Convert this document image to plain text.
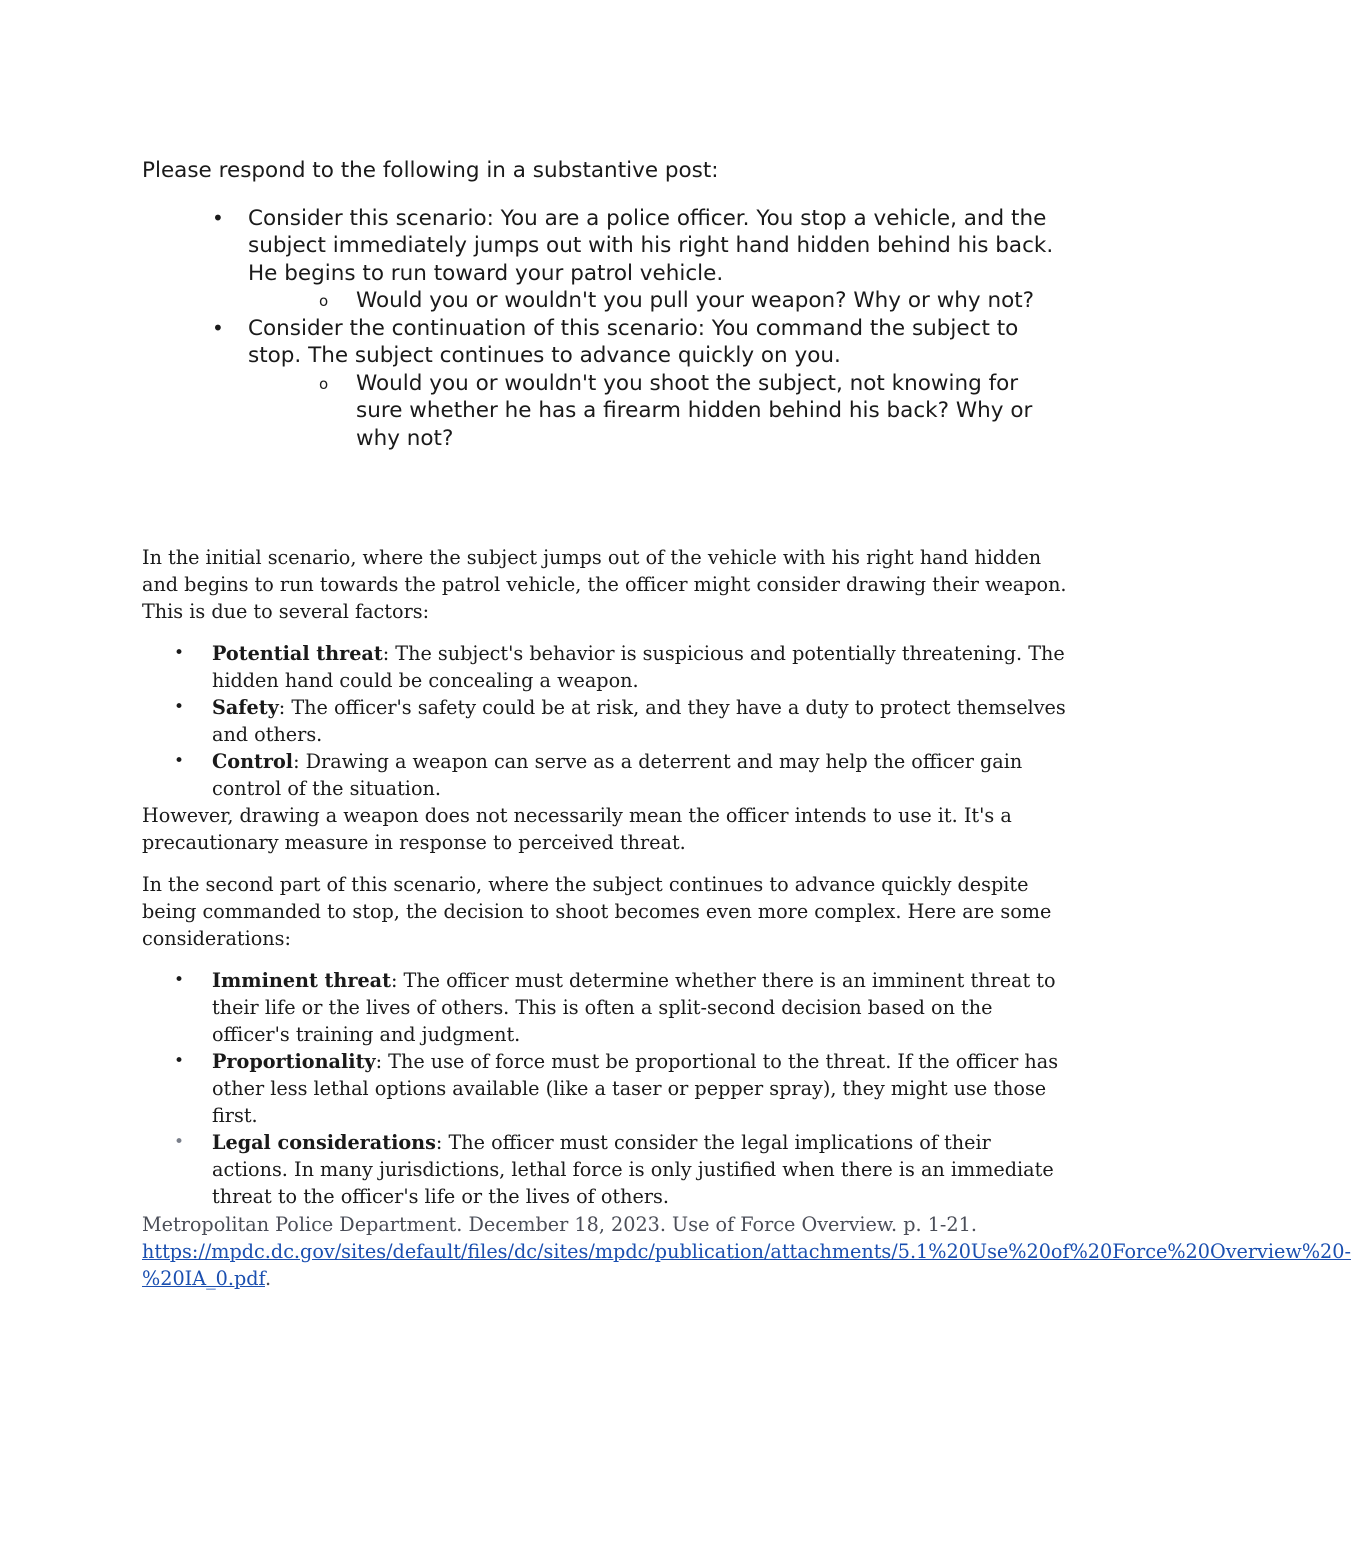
Please respond to the following in a substantive post:

• Consider this scenario: You are a police officer. You stop a vehicle, and the subject immediately jumps out with his right hand hidden behind his back. He begins to run toward your patrol vehicle.
o Would you or wouldn't you pull your weapon? Why or why not?
• Consider the continuation of this scenario: You command the subject to stop. The subject continues to advance quickly on you.
o Would you or wouldn't you shoot the subject, not knowing for sure whether he has a firearm hidden behind his back? Why or why not?

In the initial scenario, where the subject jumps out of the vehicle with his right hand hidden and begins to run towards the patrol vehicle, the officer might consider drawing their weapon. This is due to several factors:

• Potential threat: The subject's behavior is suspicious and potentially threatening. The hidden hand could be concealing a weapon.
• Safety: The officer's safety could be at risk, and they have a duty to protect themselves and others.
• Control: Drawing a weapon can serve as a deterrent and may help the officer gain control of the situation.

However, drawing a weapon does not necessarily mean the officer intends to use it. It's a precautionary measure in response to perceived threat.

In the second part of this scenario, where the subject continues to advance quickly despite being commanded to stop, the decision to shoot becomes even more complex. Here are some considerations:

• Imminent threat: The officer must determine whether there is an imminent threat to their life or the lives of others. This is often a split-second decision based on the officer's training and judgment.
• Proportionality: The use of force must be proportional to the threat. If the officer has other less lethal options available (like a taser or pepper spray), they might use those first.
• Legal considerations: The officer must consider the legal implications of their actions. In many jurisdictions, lethal force is only justified when there is an immediate threat to the officer's life or the lives of others.
Metropolitan Police Department. December 18, 2023. Use of Force Overview. p. 1-21. https://mpdc.dc.gov/sites/default/files/dc/sites/mpdc/publication/attachments/5.1%20Use%20of%20Force%20Overview%20-%20IA_0.pdf.
